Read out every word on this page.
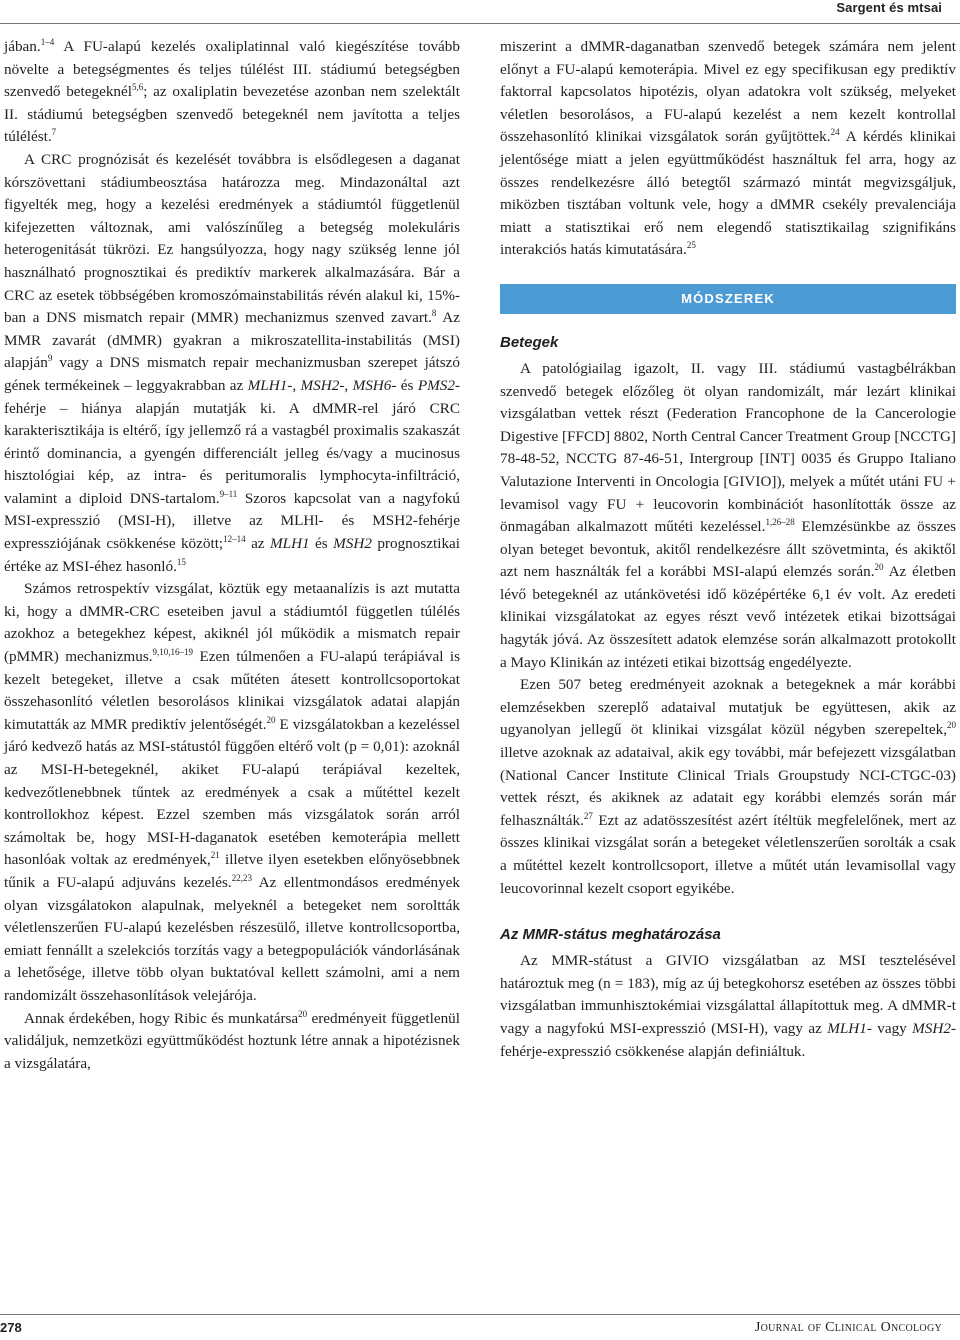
Sargent és mtsai

jában.$^{1-4}$ A FU-alapú kezelés oxaliplatinnal való kiegészítése tovább növelte a betegségmentes és teljes túlélést III. stádiumú betegségben szenvedő betegeknél$^{5,6}$; az oxaliplatin bevezetése azonban nem szelektált II. stádiumú betegségben szenvedő betegeknél nem javította a teljes túlélést.$^7$

A CRC prognózisát és kezelését továbbra is elsődlegesen a daganat kórszövettani stádiumbeosztása határozza meg. Mindazonáltal azt figyelték meg, hogy a kezelési eredmények a stádiumtól függetlenül kifejezetten változnak, ami valószínűleg a betegség molekuláris heterogenitását tükrözi. Ez hangsúlyozza, hogy nagy szükség lenne jól használható prognosztikai és prediktív markerek alkalmazására. Bár a CRC az esetek többségében kromoszómainstabilitás révén alakul ki, 15%-ban a DNS mismatch repair (MMR) mechanizmus szenved zavart.$^8$ Az MMR zavarát (dMMR) gyakran a mikroszatellita-instabilitás (MSI) alapján$^9$ vagy a DNS mismatch repair mechanizmusban szerepet játszó gének termékeinek – leggyakrabban az MLH1-, MSH2-, MSH6- és PMS2-fehérje – hiánya alapján mutatják ki. A dMMR-rel járó CRC karakterisztikája is eltérő, így jellemző rá a vastagbél proximalis szakaszát érintő dominancia, a gyengén differenciált jelleg és/vagy a mucinosus hisztológiai kép, az intra- és peritumoralis lymphocyta-infiltráció, valamint a diploid DNS-tartalom.$^{9-11}$ Szoros kapcsolat van a nagyfokú MSI-expresszió (MSI-H), illetve az MLHl- és MSH2-fehérje expressziójának csökkenése között;$^{12-14}$ az MLH1 és MSH2 prognosztikai értéke az MSI-éhez hasonló.$^{15}$

Számos retrospektív vizsgálat, köztük egy metaanalízis is azt mutatta ki, hogy a dMMR-CRC eseteiben javul a stádiumtól független túlélés azokhoz a betegekhez képest, akiknél jól működik a mismatch repair (pMMR) mechanizmus.$^{9,10,16-19}$ Ezen túlmenően a FU-alapú terápiával is kezelt betegeket, illetve a csak műtéten átesett kontrollcsoportokat összehasonlító véletlen besorolásos klinikai vizsgálatok adatai alapján kimutatták az MMR prediktív jelentőségét.$^{20}$ E vizsgálatokban a kezeléssel járó kedvező hatás az MSI-státustól függően eltérő volt (p = 0,01): azoknál az MSI-H-betegeknél, akiket FU-alapú terápiával kezeltek, kedvezőtlenebbnek tűntek az eredmények a csak a műtéttel kezelt kontrollokhoz képest. Ezzel szemben más vizsgálatok során arról számoltak be, hogy MSI-H-daganatok esetében kemoterápia mellett hasonlóak voltak az eredmények,$^{21}$ illetve ilyen esetekben előnyösebbnek tűnik a FU-alapú adjuváns kezelés.$^{22,23}$ Az ellentmondásos eredmények olyan vizsgálatokon alapulnak, melyeknél a betegeket nem soroltták véletlenszerűen FU-alapú kezelésben részesülő, illetve kontrollcsoportba, emiatt fennállt a szelekciós torzítás vagy a betegpopulációk vándorlásának a lehetősége, illetve több olyan buktatóval kellett számolni, ami a nem randomizált összehasonlítások velejárója.

Annak érdekében, hogy Ribic és munkatársa$^{20}$ eredményeit függetlenül validáljuk, nemzetközi együttműködést hoztunk létre annak a hipotézisnek a vizsgálatára,

miszerint a dMMR-daganatban szenvedő betegek számára nem jelent előnyt a FU-alapú kemoterápia. Mivel ez egy specifikusan egy prediktív faktorral kapcsolatos hipotézis, olyan adatokra volt szükség, melyeket véletlen besorolásos, a FU-alapú kezelést a nem kezelt kontrollal összehasonlító klinikai vizsgálatok során gyűjtöttek.$^{24}$ A kérdés klinikai jelentősége miatt a jelen együttműködést használtuk fel arra, hogy az összes rendelkezésre álló betegtől származó mintát megvizsgáljuk, miközben tisztában voltunk vele, hogy a dMMR csekély prevalenciája miatt a statisztikai erő nem elegendő statisztikailag szignifikáns interakciós hatás kimutatására.$^{25}$

MÓDSZEREK
Betegek

A patológiailag igazolt, II. vagy III. stádiumú vastagbélrákban szenvedő betegek előzőleg öt olyan randomizált, már lezárt klinikai vizsgálatban vettek részt (Federation Francophone de la Cancerologie Digestive [FFCD] 8802, North Central Cancer Treatment Group [NCCTG] 78-48-52, NCCTG 87-46-51, Intergroup [INT] 0035 és Gruppo Italiano Valutazione Interventi in Oncologia [GIVIO]), melyek a műtét utáni FU + levamisol vagy FU + leucovorin kombinációt hasonlították össze az önmagában alkalmazott műtéti kezeléssel.$^{1,26-28}$ Elemzésünkbe az összes olyan beteget bevontuk, akitől rendelkezésre állt szövetminta, és akiktől azt nem használták fel a korábbi MSI-alapú elemzés során.$^{20}$ Az életben lévő betegeknél az utánkövetési idő középértéke 6,1 év volt. Az eredeti klinikai vizsgálatokat az egyes részt vevő intézetek etikai bizottságai hagyták jóvá. Az összesített adatok elemzése során alkalmazott protokollt a Mayo Klinikán az intézeti etikai bizottság engedélyezte.

Ezen 507 beteg eredményeit azoknak a betegeknek a már korábbi elemzésekben szereplő adataival mutatjuk be együttesen, akik az ugyanolyan jellegű öt klinikai vizsgálat közül négyben szerepeltek,$^{20}$ illetve azoknak az adataival, akik egy további, már befejezett vizsgálatban (National Cancer Institute Clinical Trials Groupstudy NCI-CTGC-03) vettek részt, és akiknek az adatait egy korábbi elemzés során már felhasználták.$^{27}$ Ezt az adatösszesítést azért ítéltük megfelelőnek, mert az összes klinikai vizsgálat során a betegeket véletlenszerűen sorolták a csak a műtéttel kezelt kontrollcsoport, illetve a műtét után levamisollal vagy leucovorinnal kezelt csoport egyikébe.

Az MMR-státus meghatározása

Az MMR-státust a GIVIO vizsgálatban az MSI tesztelésével határoztuk meg (n = 183), míg az új betegkohorsz esetében az összes többi vizsgálatban immunhisztokémiai vizsgálattal állapítottuk meg. A dMMR-t vagy a nagyfokú MSI-expresszió (MSI-H), vagy az MLH1- vagy MSH2-fehérje-expresszió csökkenése alapján definiáltuk.

278	Journal of Clinical Oncology
